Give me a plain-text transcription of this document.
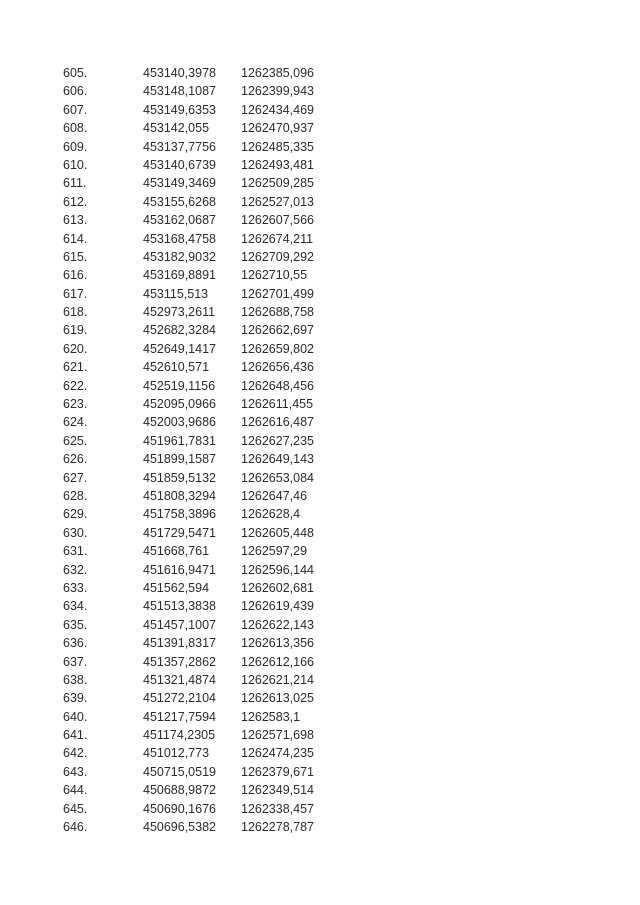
605.	453140,3978 1262385,096
606.	453148,1087 1262399,943
607.	453149,6353 1262434,469
608.	453142,055	1262470,937
609.	453137,7756 1262485,335
610.	453140,6739 1262493,481
611.	453149,3469 1262509,285
612.	453155,6268 1262527,013
613.	453162,0687 1262607,566
614.	453168,4758 1262674,211
615.	453182,9032 1262709,292
616.	453169,8891 1262710,55
617.	453115,513	1262701,499
618.	452973,2611 1262688,758
619.	452682,3284 1262662,697
620.	452649,1417 1262659,802
621.	452610,571	1262656,436
622.	452519,1156 1262648,456
623.	452095,0966 1262611,455
624.	452003,9686 1262616,487
625.	451961,7831 1262627,235
626.	451899,1587 1262649,143
627.	451859,5132 1262653,084
628.	451808,3294 1262647,46
629.	451758,3896 1262628,4
630.	451729,5471 1262605,448
631.	451668,761	1262597,29
632.	451616,9471 1262596,144
633.	451562,594	1262602,681
634.	451513,3838 1262619,439
635.	451457,1007 1262622,143
636.	451391,8317 1262613,356
637.	451357,2862 1262612,166
638.	451321,4874 1262621,214
639.	451272,2104 1262613,025
640.	451217,7594 1262583,1
641.	451174,2305 1262571,698
642.	451012,773	1262474,235
643.	450715,0519 1262379,671
644.	450688,9872 1262349,514
645.	450690,1676 1262338,457
646.	450696,5382 1262278,787
